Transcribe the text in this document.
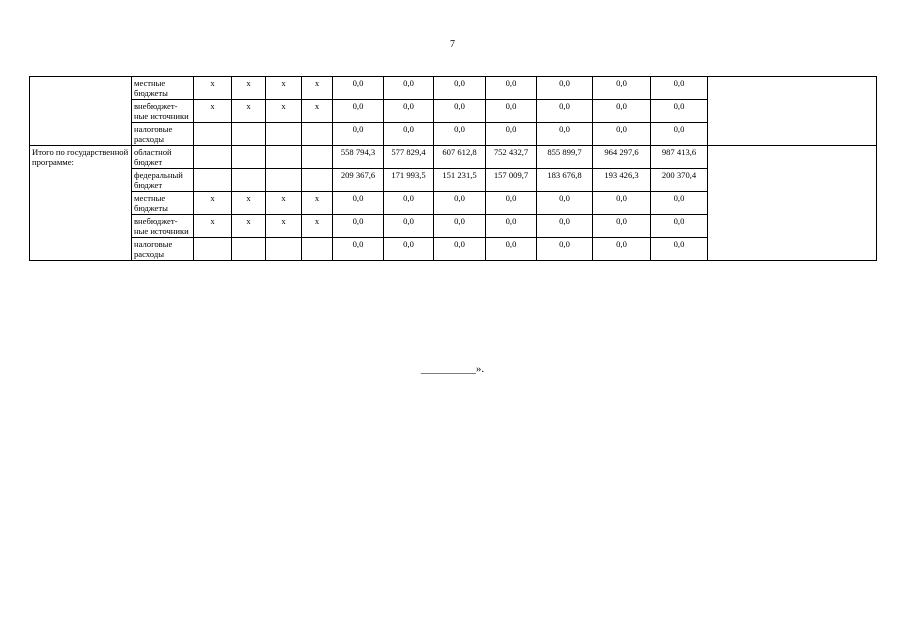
7
	местные бюджеты	х	х	х	х	0,0	0,0	0,0	0,0	0,0	0,0	0,0	
	внебюджет-ные источники	х	х	х	х	0,0	0,0	0,0	0,0	0,0	0,0	0,0	
	налоговые расходы					0,0	0,0	0,0	0,0	0,0	0,0	0,0	
Итого по государственной программе:	областной бюджет					558 794,3	577 829,4	607 612,8	752 432,7	855 899,7	964 297,6	987 413,6	
	федеральный бюджет					209 367,6	171 993,5	151 231,5	157 009,7	183 676,8	193 426,3	200 370,4	
	местные бюджеты	х	х	х	х	0,0	0,0	0,0	0,0	0,0	0,0	0,0	
	внебюджет-ные источники	х	х	х	х	0,0	0,0	0,0	0,0	0,0	0,0	0,0	
	налоговые расходы					0,0	0,0	0,0	0,0	0,0	0,0	0,0	
__________».
